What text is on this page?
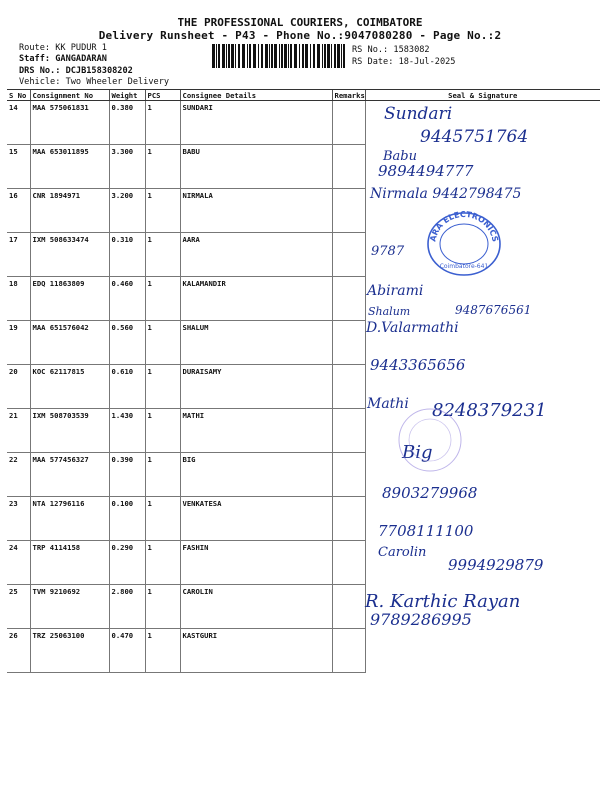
THE PROFESSIONAL COURIERS, COIMBATORE
Delivery Runsheet - P43 - Phone No.:9047080280 - Page No.:2
Route: KK PUDUR 1
Staff: GANGADARAN
DRS No.: DCJB158308202
Vehicle: Two Wheeler Delivery
RS No.: 1583082
RS Date: 18-Jul-2025
S No	Consignment No	Weight	PCS	Consignee Details	Remarks	Seal & Signature
14	MAA 575061831	0.380	1	SUNDARI		
15	MAA 653011895	3.300	1	BABU		
16	CNR 1894971	3.200	1	NIRMALA		
17	IXM 508633474	0.310	1	AARA		
18	EDQ 11863809	0.460	1	KALAMANDIR		
19	MAA 651576042	0.560	1	SHALUM		
20	KOC 62117815	0.610	1	DURAISAMY		
21	IXM 508703539	1.430	1	MATHI		
22	MAA 577456327	0.390	1	BIG		
23	NTA 12796116	0.100	1	VENKATESA		
24	TRP 4114158	0.290	1	FASHIN		
25	TVM 9210692	2.800	1	CAROLIN		
26	TRZ 25063100	0.470	1	KASTGURI		
Sundari
9445751764
Babu
9894494777
Nirmala 9442798475
9787
Abirami
Shalum	9487676561
D.Valarmathi
9443365656
Mathi 8248379231
Big
8903279968
7708111100
Carolin
9994929879
R. Karthic Rayan
9789286995
ARA ELECTRONICS
Coimbatore-641
